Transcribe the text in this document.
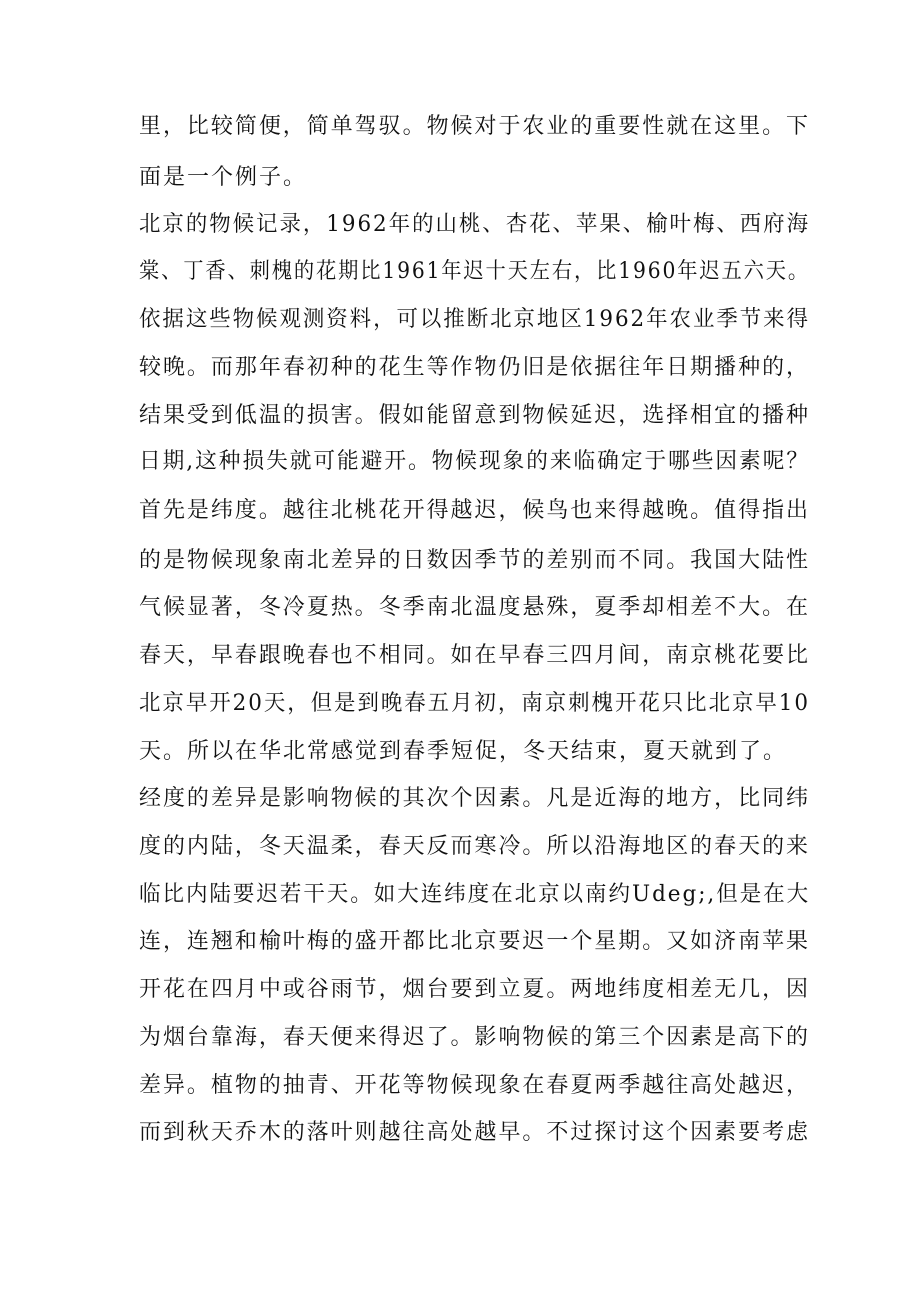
里，比较简便，简单驾驭。物候对于农业的重要性就在这里。下
面是一个例子。
北京的物候记录，1962年的山桃、杏花、苹果、榆叶梅、西府海
棠、丁香、刺槐的花期比1961年迟十天左右，比1960年迟五六天。
依据这些物候观测资料，可以推断北京地区1962年农业季节来得
较晚。而那年春初种的花生等作物仍旧是依据往年日期播种的，
结果受到低温的损害。假如能留意到物候延迟，选择相宜的播种
日期,这种损失就可能避开。物候现象的来临确定于哪些因素呢？
首先是纬度。越往北桃花开得越迟，候鸟也来得越晚。值得指出
的是物候现象南北差异的日数因季节的差别而不同。我国大陆性
气候显著，冬冷夏热。冬季南北温度悬殊，夏季却相差不大。在
春天，早春跟晚春也不相同。如在早春三四月间，南京桃花要比
北京早开20天，但是到晚春五月初，南京刺槐开花只比北京早10
天。所以在华北常感觉到春季短促，冬天结束，夏天就到了。
经度的差异是影响物候的其次个因素。凡是近海的地方，比同纬
度的内陆，冬天温柔，春天反而寒冷。所以沿海地区的春天的来
临比内陆要迟若干天。如大连纬度在北京以南约Udeg;,但是在大
连，连翘和榆叶梅的盛开都比北京要迟一个星期。又如济南苹果
开花在四月中或谷雨节，烟台要到立夏。两地纬度相差无几，因
为烟台靠海，春天便来得迟了。影响物候的第三个因素是高下的
差异。植物的抽青、开花等物候现象在春夏两季越往高处越迟，
而到秋天乔木的落叶则越往高处越早。不过探讨这个因素要考虑
